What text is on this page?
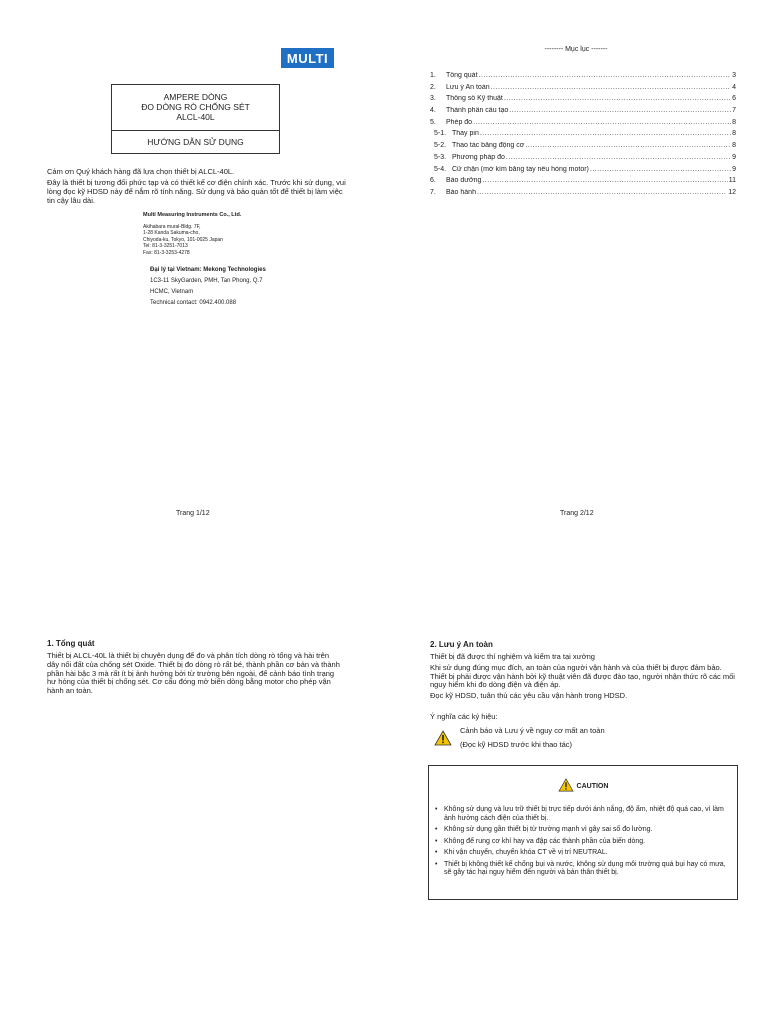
MULTI
AMPERE DÒNG
ĐO DÒNG RÒ CHỐNG SÉT
ALCL-40L
HƯỚNG DẪN SỬ DỤNG

Cảm ơn Quý khách hàng đã lựa chọn thiết bị ALCL-40L.

Đây là thiết bị tương đối phức tạp và có thiết kế cơ điện chính xác. Trước khi sử dụng, vui lòng đọc kỹ HDSD này để nắm rõ tính năng. Sử dụng và bảo quản tốt để thiết bị làm việc tin cậy lâu dài.

Multi Measuring Instruments Co., Ltd.
Akihabara mural-Bldg. 7F,
1-28 Kanda Sakuma-cho,
Chiyoda-ku, Tokyo, 101-0025 Japan
Tel: 81-3-3251-7013
Fax: 81-3-3253-4278
Đại lý tại Vietnam: Mekong Technologies
1C3-11 SkyGarden, PMH, Tan Phong, Q.7
HCMC, Vietnam
Technical contact: 0942.400.088
Trang 1/12
-------- Mục lục -------
1.	Tổng quát .....	3
2.	Lưu ý An toàn .....	4
3.	Thông số Kỹ thuật .....	6
4.	Thành phần cấu tạo .....	7
5.	Phép đo .....	8
5-1. Thay pin .....	8
5-2. Thao tác bằng động cơ .....	8
5-3. Phương pháp đo .....	9
5-4. Cữ chặn (mở kìm bằng tay nếu hỏng motor) .....	9
6.	Bảo dưỡng .....	11
7.	Bảo hành .....	12
Trang 2/12
1. Tổng quát
Thiết bị ALCL-40L là thiết bị chuyên dụng để đo và phân tích dòng rò tổng và hài trên dây nối đất của chống sét Oxide. Thiết bị đo dòng rò rất bé, thành phần cơ bản và thành phần hài bậc 3 mà rất ít bị ảnh hưởng bởi từ trường bên ngoài, để cảnh báo tình trạng hư hỏng của thiết bị chống sét. Cơ cấu đóng mở biến dòng bằng motor cho phép vận hành an toàn.
2. Lưu ý An toàn

Thiết bị đã được thí nghiệm và kiểm tra tại xưởng

Khi sử dụng đúng mục đích, an toàn của người vận hành và của thiết bị được đảm bảo. Thiết bị phải được vận hành bởi kỹ thuật viên đã được đào tạo, người nhận thức rõ các mối nguy hiểm khi đo dòng điện và điện áp.

Đọc kỹ HDSD, tuân thủ các yêu cầu vận hành trong HDSD.

Ý nghĩa các ký hiệu:
Cảnh báo và Lưu ý về nguy cơ mất an toàn
(Đọc kỹ HDSD trước khi thao tác)
CAUTION
• Không sử dụng và lưu trữ thiết bị trực tiếp dưới ánh nắng, độ ẩm, nhiệt độ quá cao, vì làm ảnh hưởng cách điện của thiết bị.
• Không sử dụng gần thiết bị từ trường mạnh vì gây sai số đo lường.
• Không để rung cơ khí hay va đập các thành phần của biến dòng.
• Khi vận chuyển, chuyển khóa CT về vị trí NEUTRAL.
• Thiết bị không thiết kế chống bụi và nước, không sử dụng môi trường quá bụi hay có mưa, sẽ gây tác hại nguy hiểm đến người và bản thân thiết bị.
